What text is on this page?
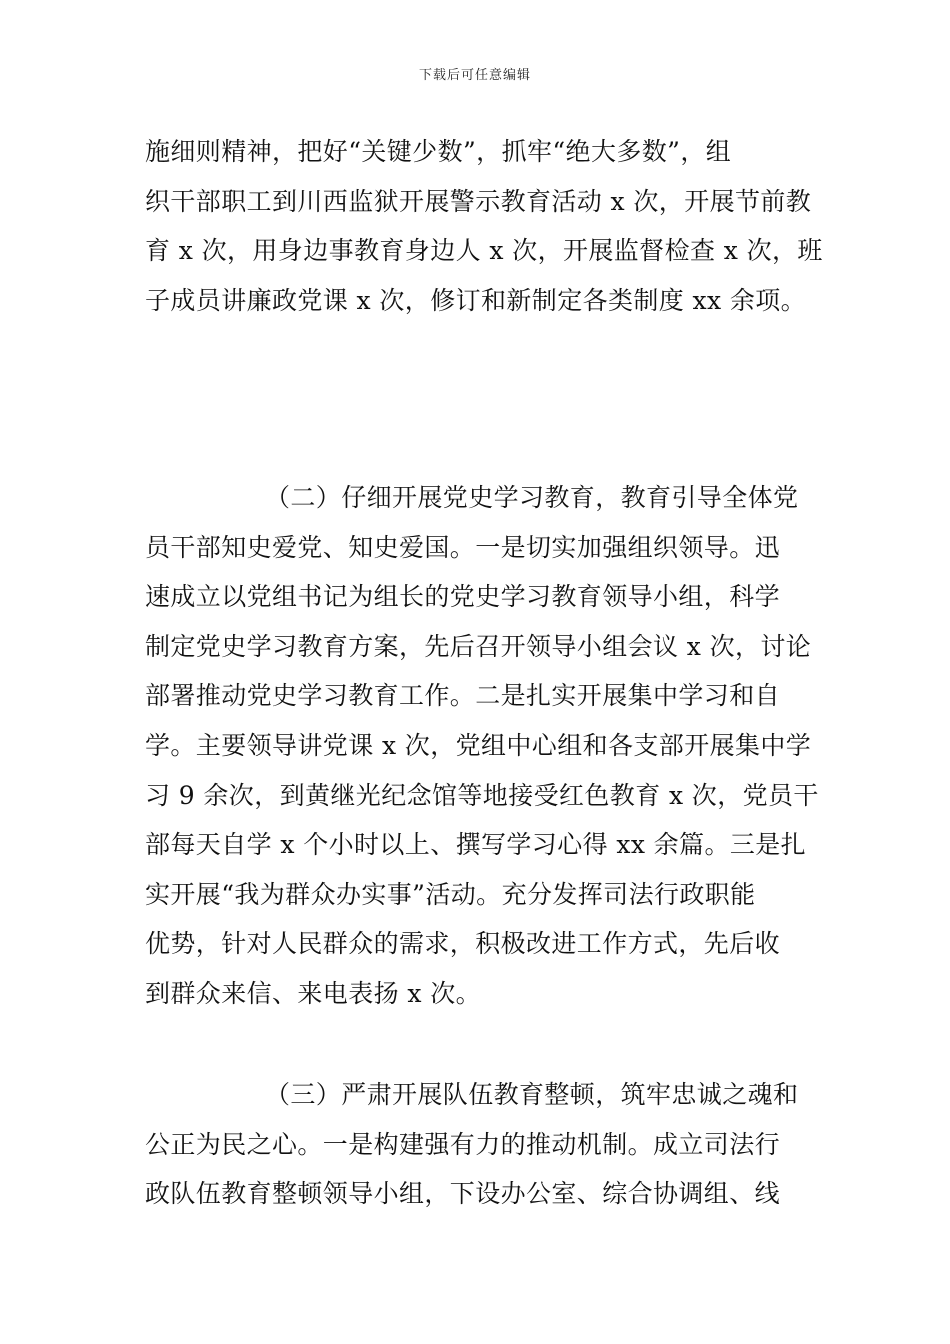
下载后可任意编辑
施细则精神，把好“关键少数”，抓牢“绝大多数”，组
织干部职工到川西监狱开展警示教育活动 x 次，开展节前教
育 x 次，用身边事教育身边人 x 次，开展监督检查 x 次，班
子成员讲廉政党课 x 次，修订和新制定各类制度 xx 余项。
（二）仔细开展党史学习教育，教育引导全体党
员干部知史爱党、知史爱国。一是切实加强组织领导。迅
速成立以党组书记为组长的党史学习教育领导小组，科学
制定党史学习教育方案，先后召开领导小组会议 x 次，讨论
部署推动党史学习教育工作。二是扎实开展集中学习和自
学。主要领导讲党课 x 次，党组中心组和各支部开展集中学
习 9 余次，到黄继光纪念馆等地接受红色教育 x 次，党员干
部每天自学 x 个小时以上、撰写学习心得 xx 余篇。三是扎
实开展“我为群众办实事”活动。充分发挥司法行政职能
优势，针对人民群众的需求，积极改进工作方式，先后收
到群众来信、来电表扬 x 次。
（三）严肃开展队伍教育整顿，筑牢忠诚之魂和
公正为民之心。一是构建强有力的推动机制。成立司法行
政队伍教育整顿领导小组，下设办公室、综合协调组、线
